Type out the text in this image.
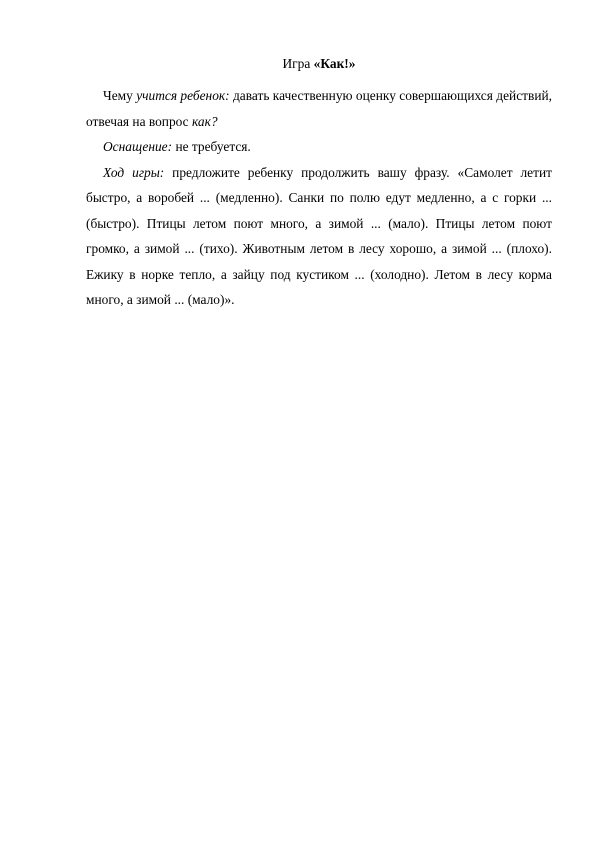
Игра «Как!»

Чему учится ребенок: давать качественную оценку совершающихся действий, отвечая на вопрос как?

Оснащение: не требуется.

Ход игры: предложите ребенку продолжить вашу фразу. «Самолет летит быстро, а воробей ... (медленно). Санки по полю едут медленно, а с горки ... (быстро). Птицы летом поют много, а зимой ... (мало). Птицы летом поют громко, а зимой ... (тихо). Животным летом в лесу хорошо, а зимой ... (плохо). Ежику в норке тепло, а зайцу под кустиком ... (холодно). Летом в лесу корма много, а зимой ... (мало)».
